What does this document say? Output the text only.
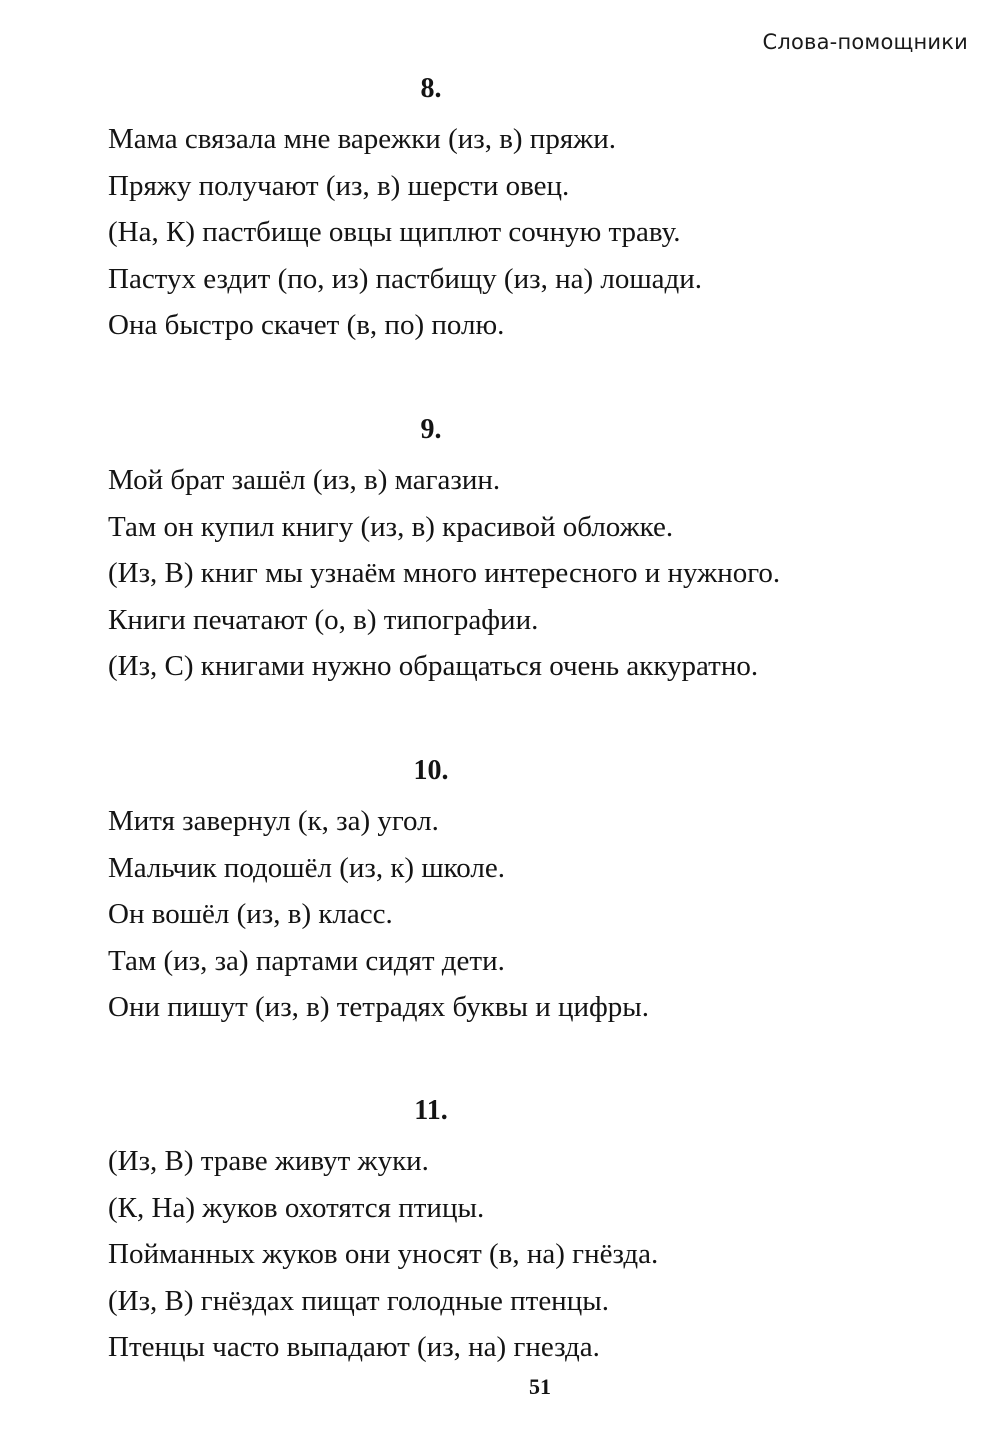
Слова-помощники
8.
Мама связала мне варежки (из, в) пряжи.
Пряжу получают (из, в) шерсти овец.
(На, К) пастбище овцы щиплют сочную траву.
Пастух ездит (по, из) пастбищу (из, на) лошади.
Она быстро скачет (в, по) полю.
9.
Мой брат зашёл (из, в) магазин.
Там он купил книгу (из, в) красивой обложке.
(Из, В) книг мы узнаём много интересного и нужного.
Книги печатают (о, в) типографии.
(Из, С) книгами нужно обращаться очень аккуратно.
10.
Митя завернул (к, за) угол.
Мальчик подошёл (из, к) школе.
Он вошёл (из, в) класс.
Там (из, за) партами сидят дети.
Они пишут (из, в) тетрадях буквы и цифры.
11.
(Из, В) траве живут жуки.
(К, На) жуков охотятся птицы.
Пойманных жуков они уносят (в, на) гнёзда.
(Из, В) гнёздах пищат голодные птенцы.
Птенцы часто выпадают (из, на) гнезда.
51
